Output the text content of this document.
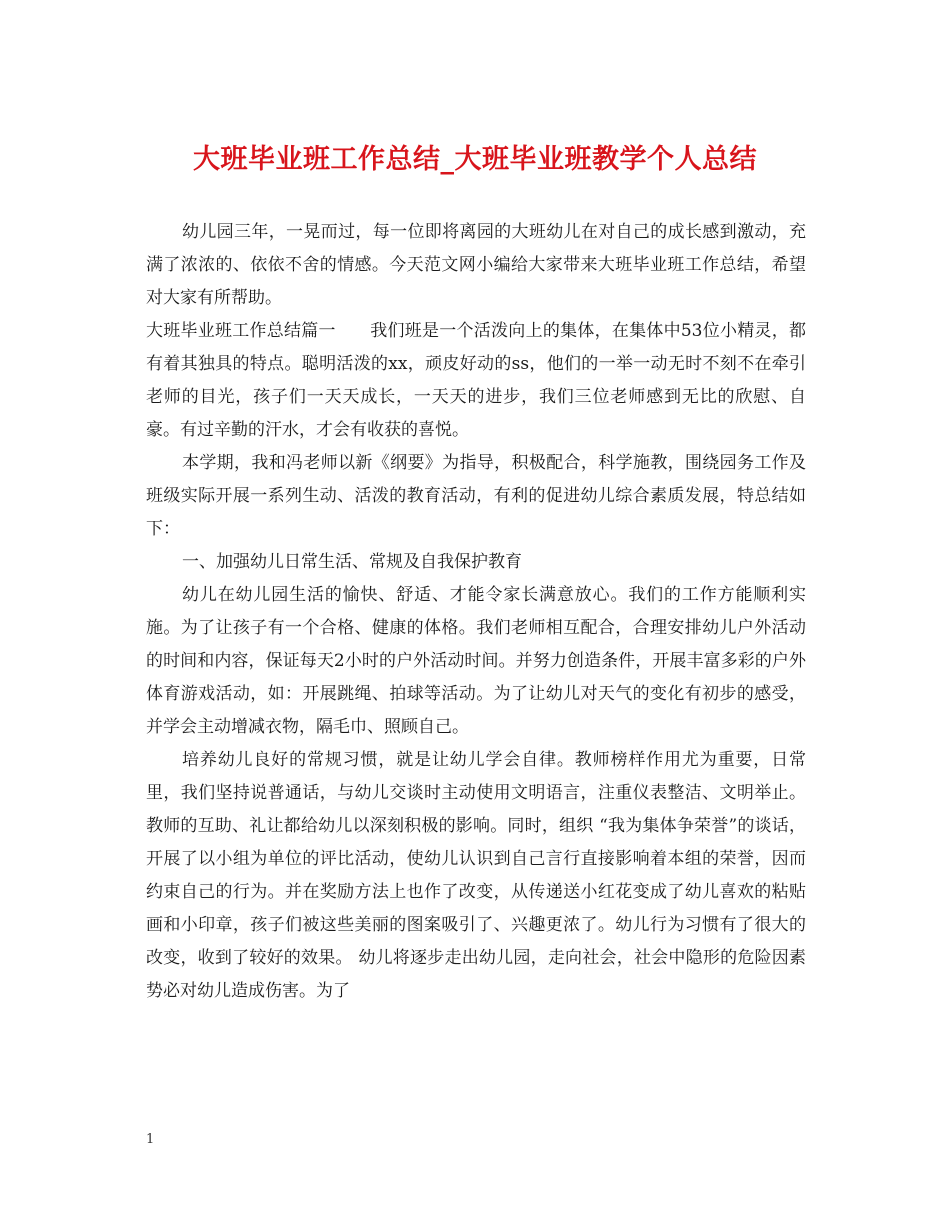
大班毕业班工作总结_大班毕业班教学个人总结

幼儿园三年，一晃而过，每一位即将离园的大班幼儿在对自己的成长感到激动，充满了浓浓的、依依不舍的情感。今天范文网小编给大家带来大班毕业班工作总结，希望对大家有所帮助。

大班毕业班工作总结篇一　　我们班是一个活泼向上的集体，在集体中53位小精灵，都有着其独具的特点。聪明活泼的xx，顽皮好动的ss，他们的一举一动无时不刻不在牵引老师的目光，孩子们一天天成长，一天天的进步，我们三位老师感到无比的欣慰、自豪。有过辛勤的汗水，才会有收获的喜悦。

本学期，我和冯老师以新《纲要》为指导，积极配合，科学施教，围绕园务工作及班级实际开展一系列生动、活泼的教育活动，有利的促进幼儿综合素质发展，特总结如下：

一、加强幼儿日常生活、常规及自我保护教育

幼儿在幼儿园生活的愉快、舒适、才能令家长满意放心。我们的工作方能顺利实施。为了让孩子有一个合格、健康的体格。我们老师相互配合，合理安排幼儿户外活动的时间和内容，保证每天2小时的户外活动时间。并努力创造条件，开展丰富多彩的户外体育游戏活动，如：开展跳绳、拍球等活动。为了让幼儿对天气的变化有初步的感受，并学会主动增减衣物，隔毛巾、照顾自己。

培养幼儿良好的常规习惯，就是让幼儿学会自律。教师榜样作用尤为重要，日常里，我们坚持说普通话，与幼儿交谈时主动使用文明语言，注重仪表整洁、文明举止。教师的互助、礼让都给幼儿以深刻积极的影响。同时，组织 “我为集体争荣誉”的谈话，开展了以小组为单位的评比活动，使幼儿认识到自己言行直接影响着本组的荣誉，因而约束自己的行为。并在奖励方法上也作了改变，从传递送小红花变成了幼儿喜欢的粘贴画和小印章，孩子们被这些美丽的图案吸引了、兴趣更浓了。幼儿行为习惯有了很大的改变，收到了较好的效果。 幼儿将逐步走出幼儿园，走向社会，社会中隐形的危险因素势必对幼儿造成伤害。为了

1
